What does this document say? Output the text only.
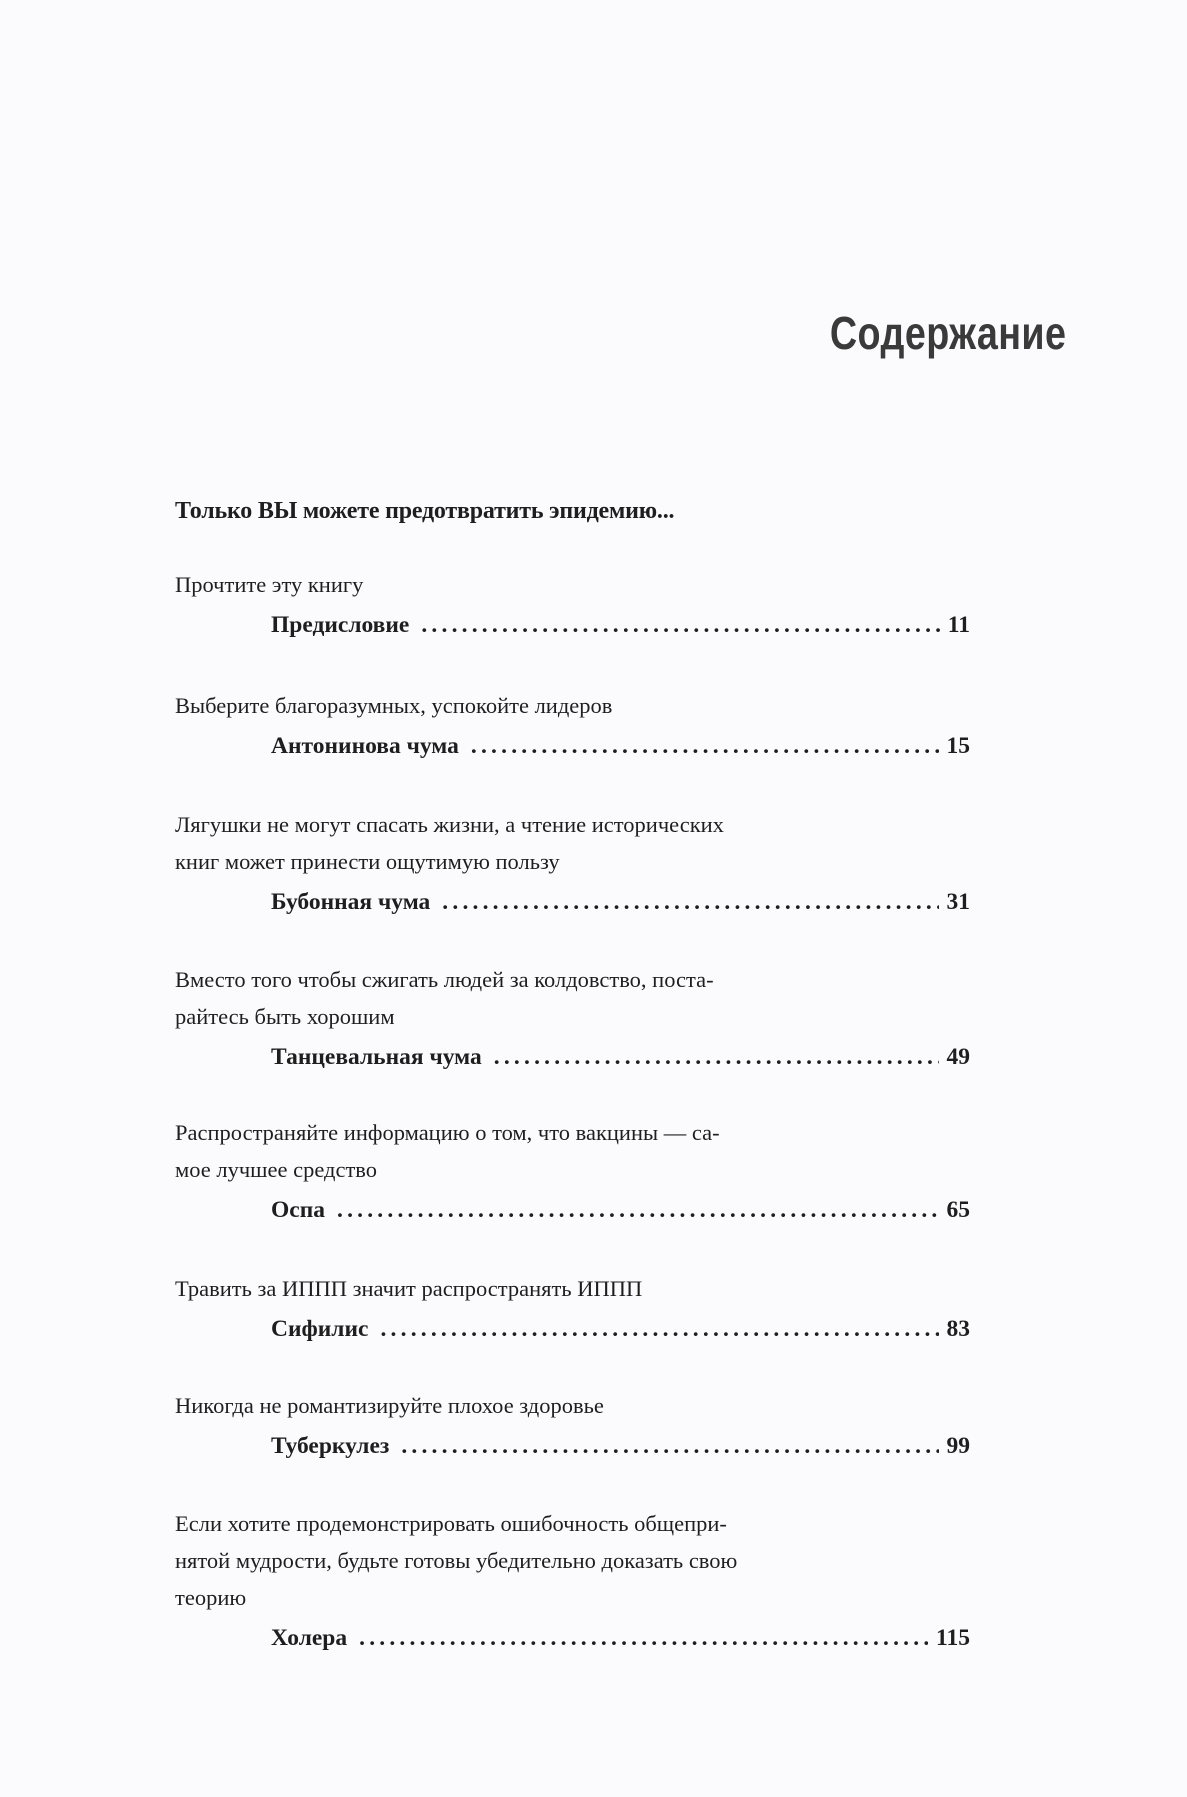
Содержание
Только ВЫ можете предотвратить эпидемию...
Прочтите эту книгу
Предисловие .....	11
Выберите благоразумных, успокойте лидеров
Антонинова чума .....	15
Лягушки не могут спасать жизни, а чтение исторических
книг может принести ощутимую пользу
Бубонная чума .....	31
Вместо того чтобы сжигать людей за колдовство, поста-
райтесь быть хорошим
Танцевальная чума .....	49
Распространяйте информацию о том, что вакцины — са-
мое лучшее средство
Оспа .....	65
Травить за ИППП значит распространять ИППП
Сифилис .....	83
Никогда не романтизируйте плохое здоровье
Туберкулез .....	99
Если хотите продемонстрировать ошибочность общепри-
нятой мудрости, будьте готовы убедительно доказать свою
теорию
Холера .....	115
